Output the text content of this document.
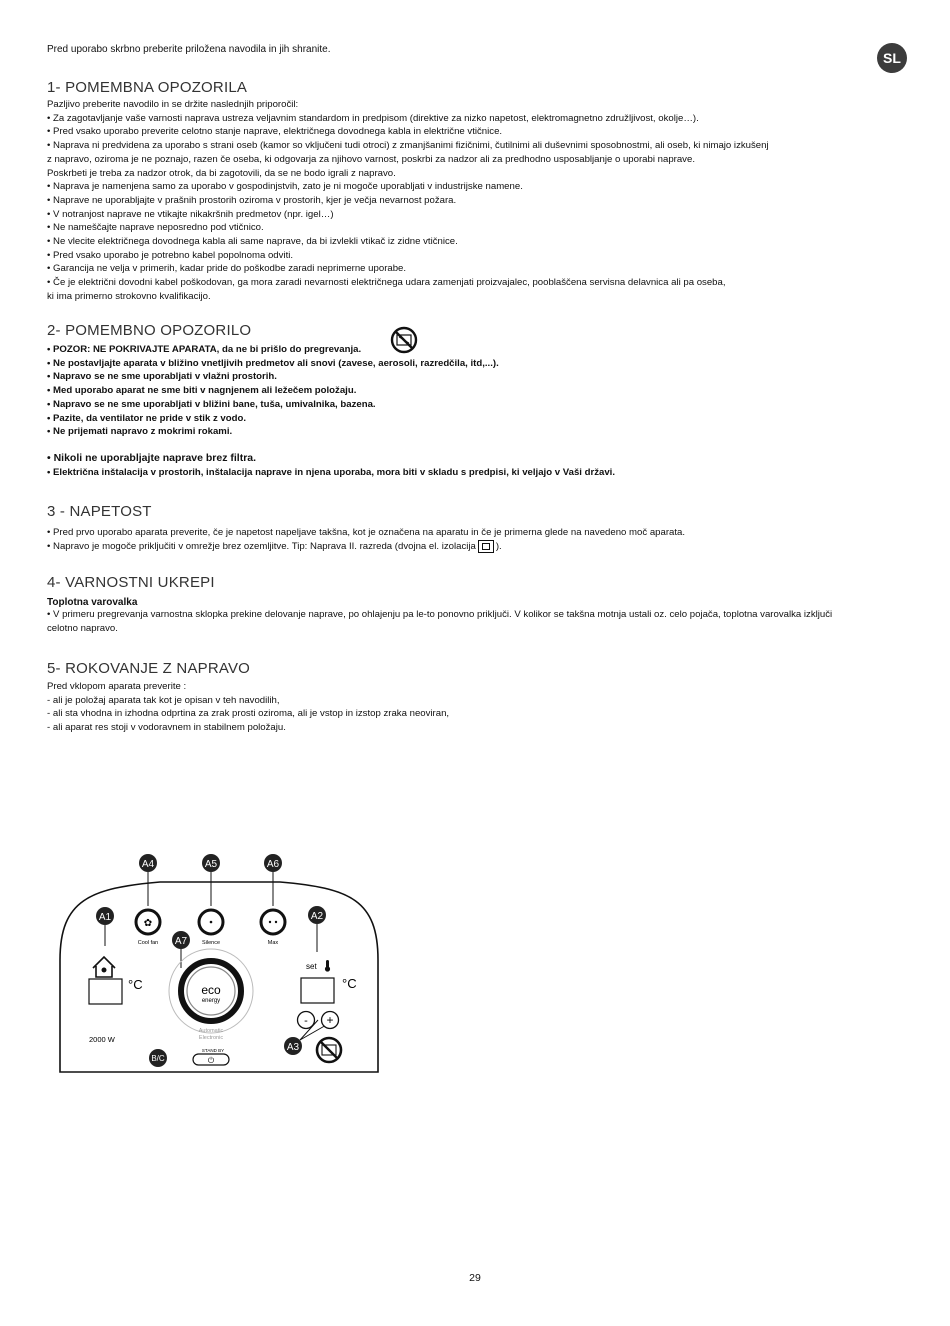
Pred uporabo skrbno preberite priložena navodila in jih shranite.
SL
1- POMEMBNA OPOZORILA

Pazljivo preberite navodilo in se držite naslednjih priporočil:

• Za zagotavljanje vaše varnosti naprava ustreza veljavnim standardom in predpisom (direktive za nizko napetost, elektromagnetno združljivost, okolje…).

• Pred vsako uporabo preverite celotno stanje naprave, električnega dovodnega kabla in električne vtičnice.

• Naprava ni predvidena za uporabo s strani oseb (kamor so vključeni tudi otroci) z zmanjšanimi fizičnimi, čutilnimi ali duševnimi sposobnostmi, ali oseb, ki nimajo izkušenj

z napravo, oziroma je ne poznajo, razen če oseba, ki odgovarja za njihovo varnost, poskrbi za nadzor ali za predhodno usposabljanje o uporabi naprave.

Poskrbeti je treba za nadzor otrok, da bi zagotovili, da se ne bodo igrali z napravo.

• Naprava je namenjena samo za uporabo v gospodinjstvih, zato je ni mogoče uporabljati v industrijske namene.

• Naprave ne uporabljajte v prašnih prostorih oziroma v prostorih, kjer je večja nevarnost požara.

• V notranjost naprave ne vtikajte nikakršnih predmetov (npr. igel…)

• Ne nameščajte naprave neposredno pod vtičnico.

• Ne vlecite električnega dovodnega kabla ali same naprave, da bi izvlekli vtikač iz zidne vtičnice.

• Pred vsako uporabo je potrebno kabel popolnoma odviti.

• Garancija ne velja v primerih, kadar pride do poškodbe zaradi neprimerne uporabe.

• Če je električni dovodni kabel poškodovan, ga mora zaradi nevarnosti električnega udara zamenjati proizvajalec, pooblaščena servisna delavnica ali pa oseba,

ki ima primerno strokovno kvalifikacijo.

2- POMEMBNO OPOZORILO

• POZOR: NE POKRIVAJTE APARATA, da ne bi prišlo do pregrevanja.

• Ne postavljajte aparata v bližino vnetljivih predmetov ali snovi (zavese, aerosoli, razredčila, itd,...).

• Napravo se ne sme uporabljati v vlažni prostorih.

• Med uporabo aparat ne sme biti v nagnjenem ali ležečem položaju.

• Napravo se ne sme uporabljati v bližini bane, tuša, umivalnika, bazena.

• Pazite, da ventilator ne pride v stik z vodo.

• Ne prijemati napravo z mokrimi rokami.

• Nikoli ne uporabljajte naprave brez filtra.

• Električna inštalacija v prostorih, inštalacija naprave in njena uporaba, mora biti v skladu s predpisi, ki veljajo v Vaši državi.

3 - NAPETOST

• Pred prvo uporabo aparata preverite, če je napetost napeljave takšna, kot je označena na aparatu in če je primerna glede na navedeno moč aparata.

• Napravo je mogoče priključiti v omrežje brez ozemljitve. Tip: Naprava II. razreda (dvojna el. izolacija ).

4- VARNOSTNI UKREPI

Toplotna varovalka

• V primeru pregrevanja varnostna sklopka prekine delovanje naprave, po ohlajenju pa le-to ponovno priključi. V kolikor se takšna motnja ustali oz. celo pojača, toplotna varovalka izključi

celotno napravo.

5- ROKOVANJE Z NAPRAVO

Pred vklopom aparata preverite :

- ali je položaj aparata tak kot je opisan v teh navodilih,

- ali sta vhodna in izhodna odprtina za zrak prosti oziroma, ali je vstop in izstop zraka neoviran,

- ali aparat res stoji v vodoravnem in stabilnem položaju.

A4	A5	A6
A1	A2
A7
A3
B/C
✿
Cool fan	Silence	Max
°C	°C
set
eco
energy
Automatic
Electronic
2000 W
- +
STAND BY
⏻
29
